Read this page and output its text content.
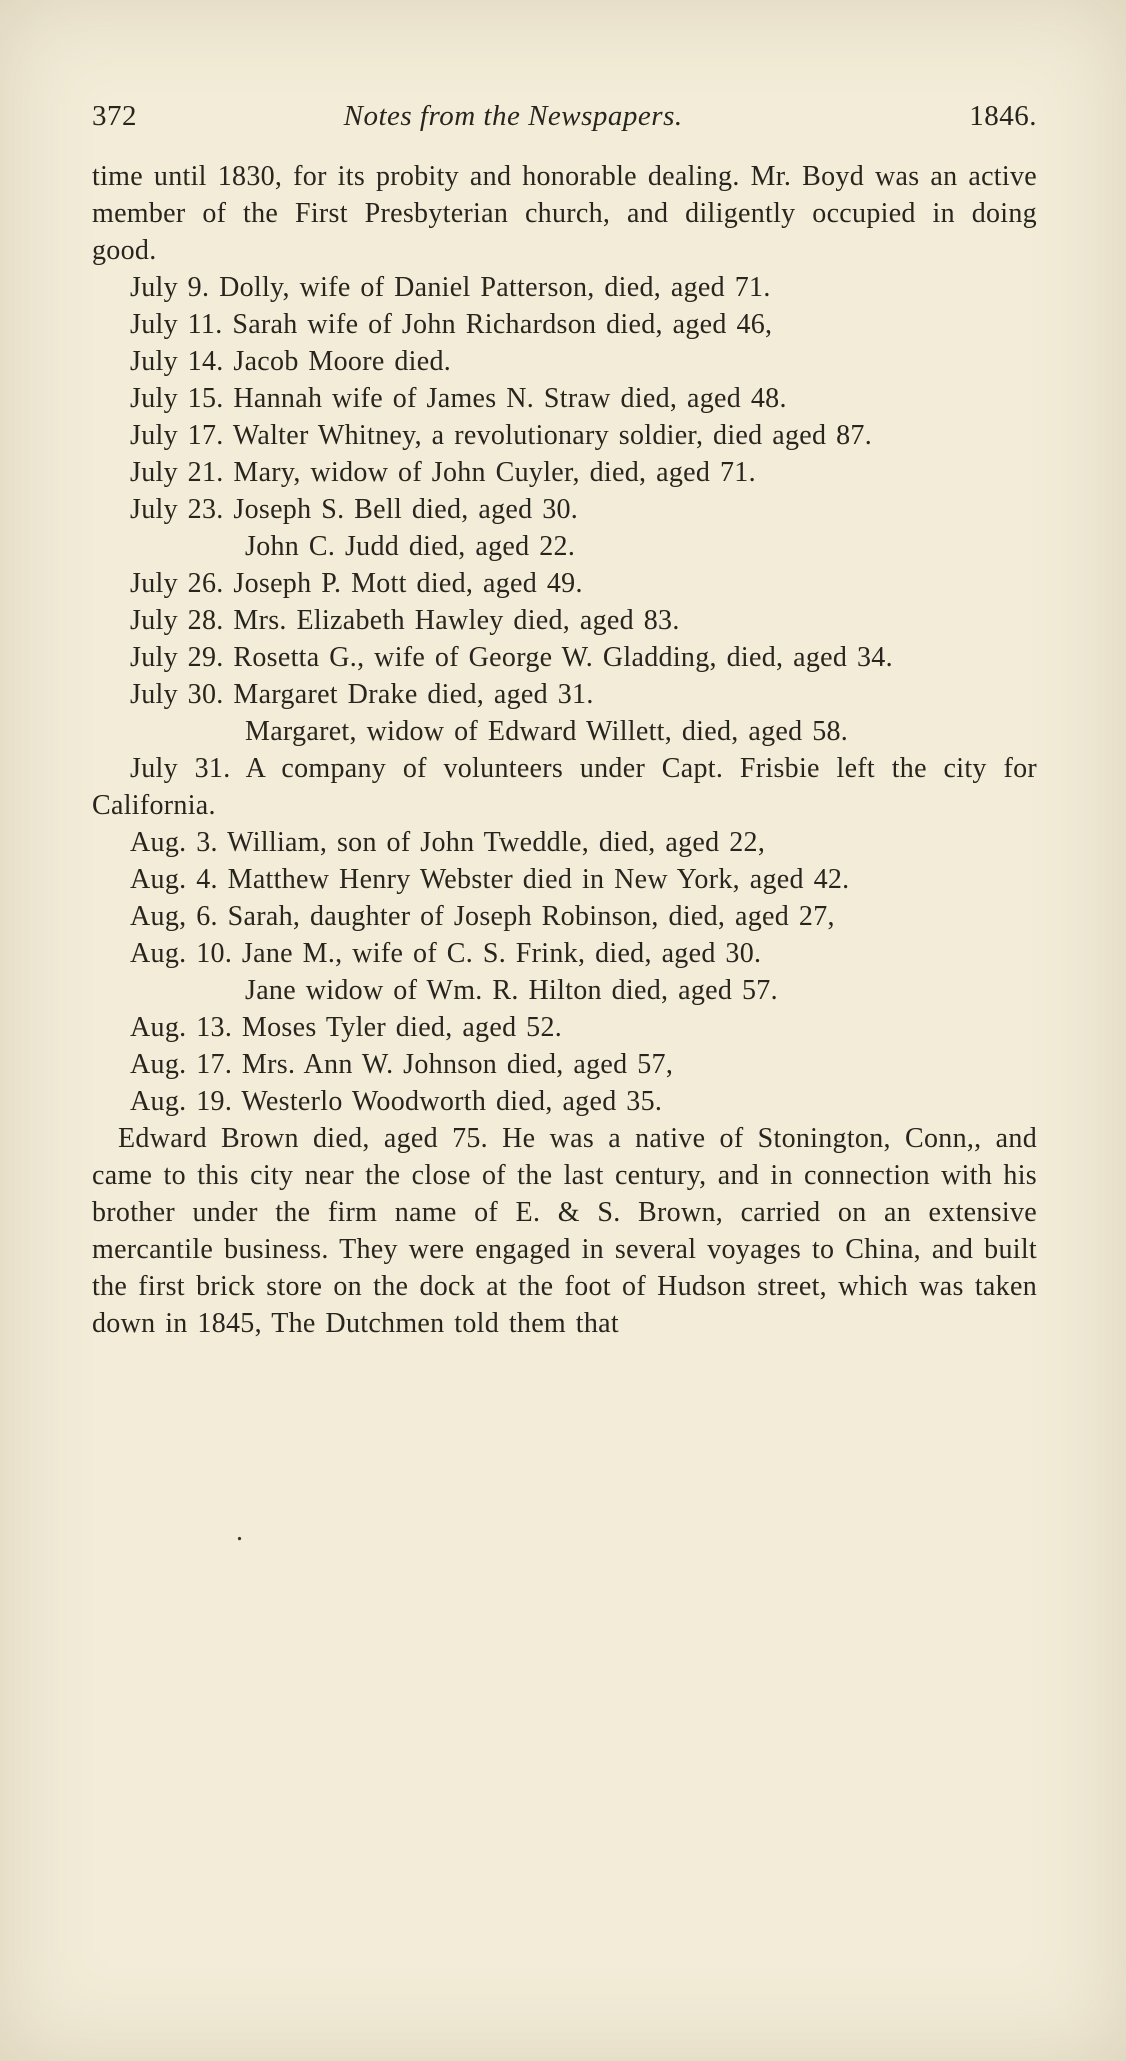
372	Notes from the Newspapers.	1846.

time until 1830, for its probity and honorable dealing. Mr. Boyd was an active member of the First Presbyterian church, and diligently occupied in doing good.

July 9. Dolly, wife of Daniel Patterson, died, aged 71.

July 11. Sarah wife of John Richardson died, aged 46,

July 14. Jacob Moore died.

July 15. Hannah wife of James N. Straw died, aged 48.

July 17. Walter Whitney, a revolutionary soldier, died aged 87.

July 21. Mary, widow of John Cuyler, died, aged 71.

July 23. Joseph S. Bell died, aged 30.

John C. Judd died, aged 22.

July 26. Joseph P. Mott died, aged 49.

July 28. Mrs. Elizabeth Hawley died, aged 83.

July 29. Rosetta G., wife of George W. Gladding, died, aged 34.

July 30. Margaret Drake died, aged 31.

Margaret, widow of Edward Willett, died, aged 58.

July 31. A company of volunteers under Capt. Frisbie left the city for California.

Aug. 3. William, son of John Tweddle, died, aged 22,

Aug. 4. Matthew Henry Webster died in New York, aged 42.

Aug, 6. Sarah, daughter of Joseph Robinson, died, aged 27,

Aug. 10. Jane M., wife of C. S. Frink, died, aged 30.

Jane widow of Wm. R. Hilton died, aged 57.

Aug. 13. Moses Tyler died, aged 52.

Aug. 17. Mrs. Ann W. Johnson died, aged 57,

Aug. 19. Westerlo Woodworth died, aged 35.

Edward Brown died, aged 75. He was a native of Stonington, Conn,, and came to this city near the close of the last century, and in connection with his brother under the firm name of E. & S. Brown, carried on an extensive mercantile business. They were engaged in several voyages to China, and built the first brick store on the dock at the foot of Hudson street, which was taken down in 1845, The Dutchmen told them that

.
